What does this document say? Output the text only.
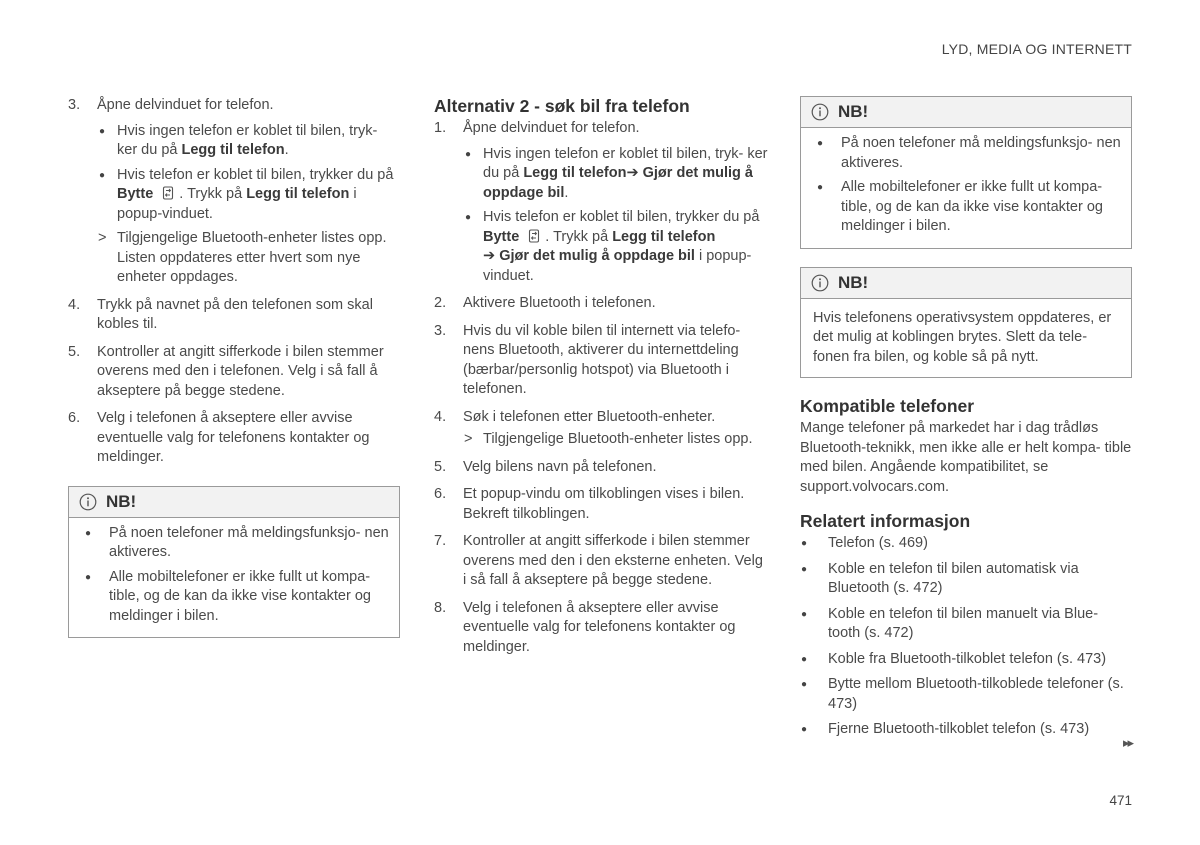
LYD, MEDIA OG INTERNETT
3. Åpne delvinduet for telefon.
● Hvis ingen telefon er koblet til bilen, tryk- ker du på Legg til telefon.
● Hvis telefon er koblet til bilen, trykker du på Bytte . Trykk på Legg til telefon i popup-vinduet.
> Tilgjengelige Bluetooth-enheter listes opp. Listen oppdateres etter hvert som nye enheter oppdages.
4. Trykk på navnet på den telefonen som skal kobles til.
5. Kontroller at angitt sifferkode i bilen stemmer overens med den i telefonen. Velg i så fall å akseptere på begge stedene.
6. Velg i telefonen å akseptere eller avvise eventuelle valg for telefonens kontakter og meldinger.
NB!
● På noen telefoner må meldingsfunksjo- nen aktiveres.
● Alle mobiltelefoner er ikke fullt ut kompa- tible, og de kan da ikke vise kontakter og meldinger i bilen.
Alternativ 2 - søk bil fra telefon
1. Åpne delvinduet for telefon.
● Hvis ingen telefon er koblet til bilen, tryk- ker du på Legg til telefon➔ Gjør det mulig å oppdage bil.
● Hvis telefon er koblet til bilen, trykker du på Bytte . Trykk på Legg til telefon
➔ Gjør det mulig å oppdage bil i popup-vinduet.
2. Aktivere Bluetooth i telefonen.
3. Hvis du vil koble bilen til internett via telefo- nens Bluetooth, aktiverer du internettdeling (bærbar/personlig hotspot) via Bluetooth i telefonen.
4. Søk i telefonen etter Bluetooth-enheter.
> Tilgjengelige Bluetooth-enheter listes opp.
5. Velg bilens navn på telefonen.
6. Et popup-vindu om tilkoblingen vises i bilen. Bekreft tilkoblingen.
7. Kontroller at angitt sifferkode i bilen stemmer overens med den i den eksterne enheten. Velg i så fall å akseptere på begge stedene.
8. Velg i telefonen å akseptere eller avvise eventuelle valg for telefonens kontakter og meldinger.
NB!
● På noen telefoner må meldingsfunksjo- nen aktiveres.
● Alle mobiltelefoner er ikke fullt ut kompa- tible, og de kan da ikke vise kontakter og meldinger i bilen.
NB!
Hvis telefonens operativsystem oppdateres, er det mulig at koblingen brytes. Slett da tele- fonen fra bilen, og koble så på nytt.
Kompatible telefoner
Mange telefoner på markedet har i dag trådløs Bluetooth-teknikk, men ikke alle er helt kompa- tible med bilen. Angående kompatibilitet, se support.volvocars.com.
Relatert informasjon
● Telefon (s. 469)
● Koble en telefon til bilen automatisk via Bluetooth (s. 472)
● Koble en telefon til bilen manuelt via Blue- tooth (s. 472)
● Koble fra Bluetooth-tilkoblet telefon (s. 473)
● Bytte mellom Bluetooth-tilkoblede telefoner (s. 473)
● Fjerne Bluetooth-tilkoblet telefon (s. 473)
▸▸
471
